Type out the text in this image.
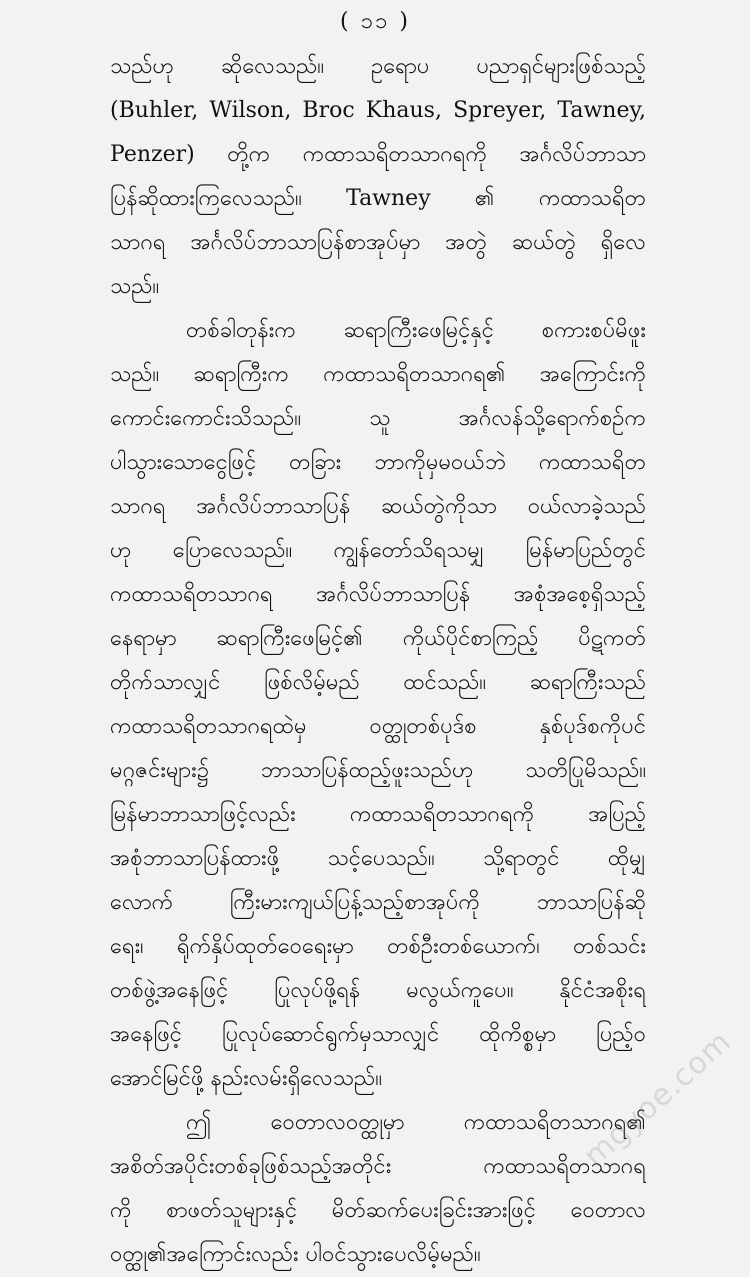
( ၁၁ )
သည်ဟု ဆိုလေသည်။ ဥရောပ ပညာရှင်များဖြစ်သည့်
(Buhler, Wilson, Broc Khaus, Spreyer, Tawney,
Penzer) တို့က ကထာသရိတသာဂရကို အင်္ဂလိပ်ဘာသာ
ပြန်ဆိုထားကြလေသည်။ Tawney ၏ ကထာသရိတ
သာဂရ အင်္ဂလိပ်ဘာသာပြန်စာအုပ်မှာ အတွဲ ဆယ်တွဲ ရှိလေ
သည်။
တစ်ခါတုန်းက ဆရာကြီးဖေမြင့်နှင့် စကားစပ်မိဖူး
သည်။ ဆရာကြီးက ကထာသရိတသာဂရ၏ အကြောင်းကို
ကောင်းကောင်းသိသည်။ သူ အင်္ဂလန်သို့ရောက်စဉ်က
ပါသွားသောငွေဖြင့် တခြား ဘာကိုမှမဝယ်ဘဲ ကထာသရိတ
သာဂရ အင်္ဂလိပ်ဘာသာပြန် ဆယ်တွဲကိုသာ ဝယ်လာခဲ့သည်
ဟု ပြောလေသည်။ ကျွန်တော်သိရသမျှ မြန်မာပြည်တွင်
ကထာသရိတသာဂရ အင်္ဂလိပ်ဘာသာပြန် အစုံအစေ့ရှိသည့်
နေရာမှာ ဆရာကြီးဖေမြင့်၏ ကိုယ်ပိုင်စာကြည့် ပိဋကတ်
တိုက်သာလျှင် ဖြစ်လိမ့်မည် ထင်သည်။ ဆရာကြီးသည်
ကထာသရိတသာဂရထဲမှ ဝတ္ထုတစ်ပုဒ်စ နှစ်ပုဒ်စကိုပင်
မဂ္ဂဇင်းများ၌ ဘာသာပြန်ထည့်ဖူးသည်ဟု သတိပြုမိသည်။
မြန်မာဘာသာဖြင့်လည်း ကထာသရိတသာဂရကို အပြည့်
အစုံဘာသာပြန်ထားဖို့ သင့်ပေသည်။ သို့ရာတွင် ထိုမျှ
လောက် ကြီးမားကျယ်ပြန့်သည့်စာအုပ်ကို ဘာသာပြန်ဆို
ရေး၊ ရိုက်နှိပ်ထုတ်ဝေရေးမှာ တစ်ဦးတစ်ယောက်၊ တစ်သင်း
တစ်ဖွဲ့အနေဖြင့် ပြုလုပ်ဖို့ရန် မလွယ်ကူပေ။ နိုင်ငံအစိုးရ
အနေဖြင့် ပြုလုပ်ဆောင်ရွက်မှသာလျှင် ထိုကိစ္စမှာ ပြည့်ဝ
အောင်မြင်ဖို့ နည်းလမ်းရှိလေသည်။
ဤ ဝေတာလဝတ္ထုမှာ ကထာသရိတသာဂရ၏
အစိတ်အပိုင်းတစ်ခုဖြစ်သည့်အတိုင်း ကထာသရိတသာဂရ
ကို စာဖတ်သူများနှင့် မိတ်ဆက်ပေးခြင်းအားဖြင့် ဝေတာလ
ဝတ္ထု၏အကြောင်းလည်း ပါဝင်သွားပေလိမ့်မည်။
mgyoe.com
